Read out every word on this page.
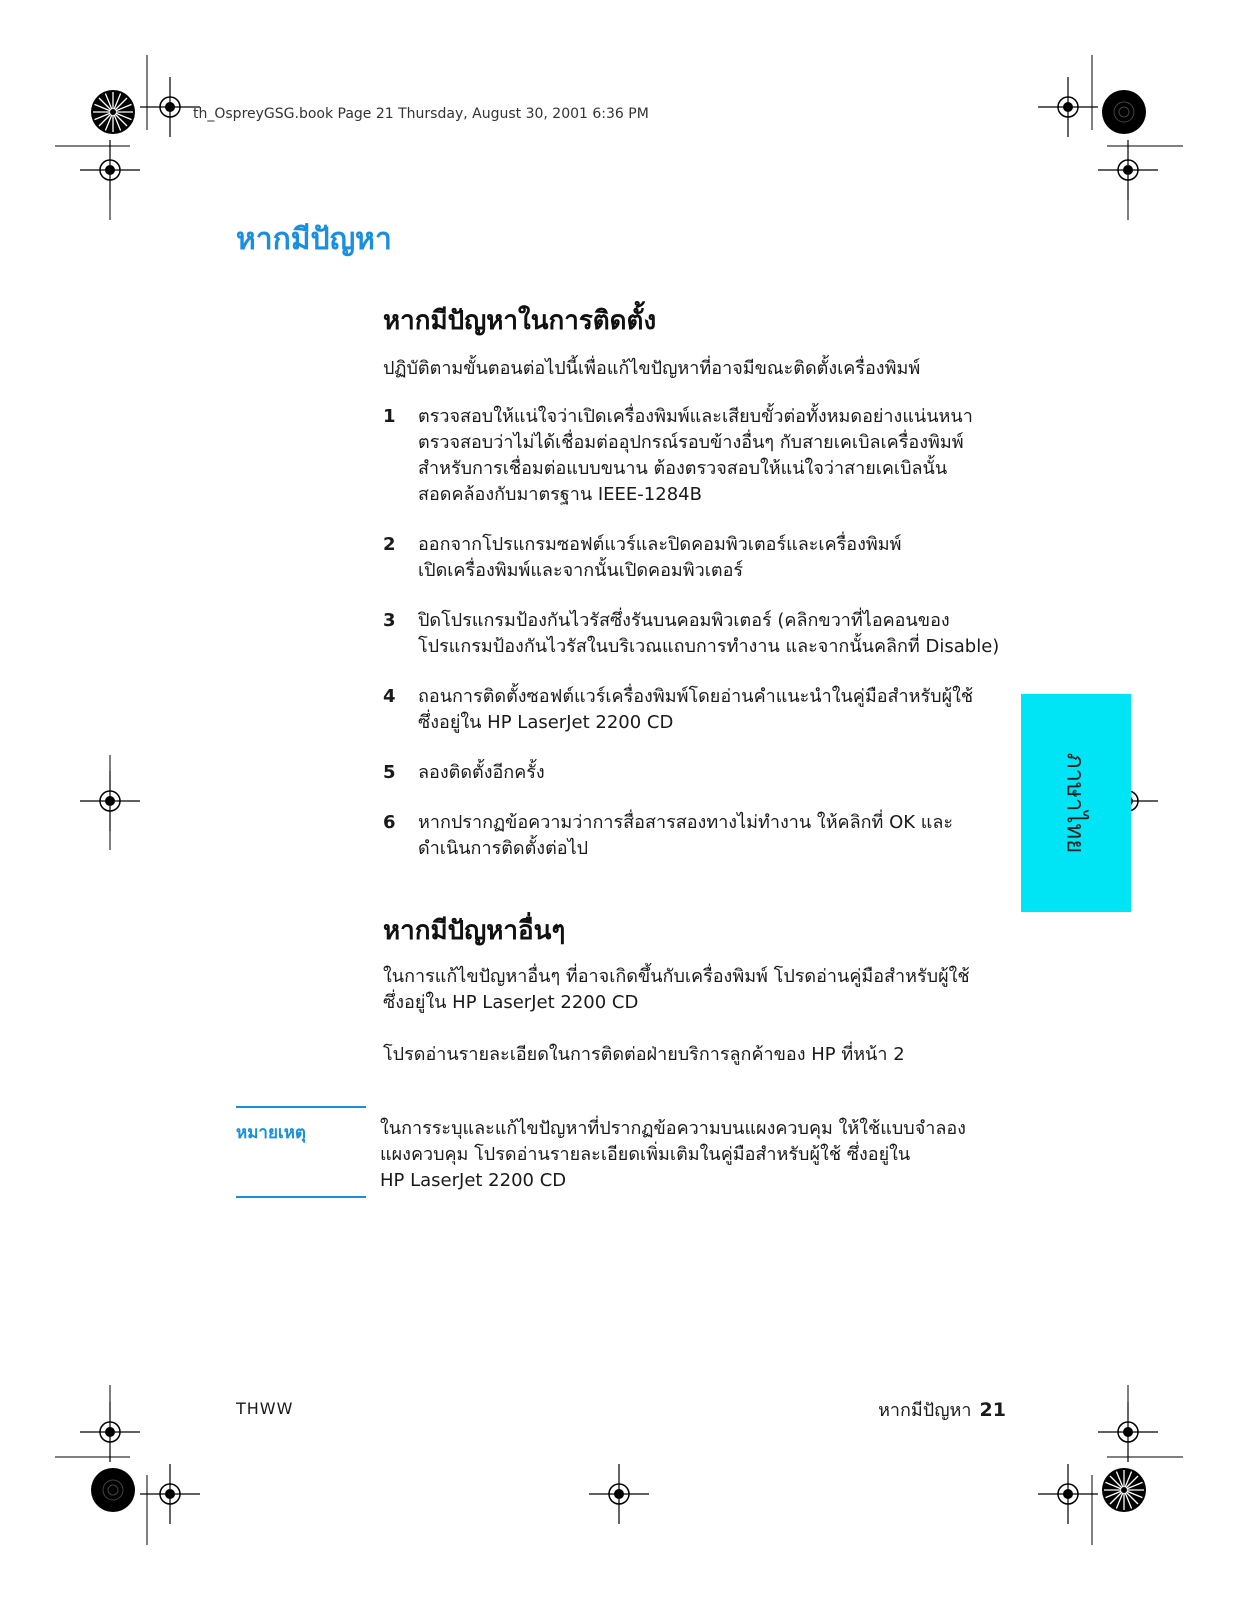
th_OspreyGSG.book Page 21 Thursday, August 30, 2001 6:36 PM
หากมีปัญหา
หากมีปัญหาในการติดตั้ง

ปฏิบัติตามขั้นตอนต่อไปนี้เพื่อแก้ไขปัญหาที่อาจมีขณะติดตั้งเครื่องพิมพ์

1 ตรวจสอบให้แน่ใจว่าเปิดเครื่องพิมพ์และเสียบขั้วต่อทั้งหมดอย่างแน่นหนา
ตรวจสอบว่าไม่ได้เชื่อมต่ออุปกรณ์รอบข้างอื่นๆ กับสายเคเบิลเครื่องพิมพ์
สำหรับการเชื่อมต่อแบบขนาน ต้องตรวจสอบให้แน่ใจว่าสายเคเบิลนั้น
สอดคล้องกับมาตรฐาน IEEE-1284B
2 ออกจากโปรแกรมซอฟต์แวร์และปิดคอมพิวเตอร์และเครื่องพิมพ์
เปิดเครื่องพิมพ์และจากนั้นเปิดคอมพิวเตอร์
3 ปิดโปรแกรมป้องกันไวรัสซึ่งรันบนคอมพิวเตอร์ (คลิกขวาที่ไอคอนของ
โปรแกรมป้องกันไวรัสในบริเวณแถบการทำงาน และจากนั้นคลิกที่ Disable)
4 ถอนการติดตั้งซอฟต์แวร์เครื่องพิมพ์โดยอ่านคำแนะนำในคู่มือสำหรับผู้ใช้
ซึ่งอยู่ใน HP LaserJet 2200 CD
5 ลองติดตั้งอีกครั้ง
6 หากปรากฏข้อความว่าการสื่อสารสองทางไม่ทำงาน ให้คลิกที่ OK และ
ดำเนินการติดตั้งต่อไป
หากมีปัญหาอื่นๆ
ในการแก้ไขปัญหาอื่นๆ ที่อาจเกิดขึ้นกับเครื่องพิมพ์ โปรดอ่านคู่มือสำหรับผู้ใช้
ซึ่งอยู่ใน HP LaserJet 2200 CD

โปรดอ่านรายละเอียดในการติดต่อฝ่ายบริการลูกค้าของ HP ที่หน้า 2

หมายเหตุ	ในการระบุและแก้ไขปัญหาที่ปรากฏข้อความบนแผงควบคุม ให้ใช้แบบจำลอง
แผงควบคุม โปรดอ่านรายละเอียดเพิ่มเติมในคู่มือสำหรับผู้ใช้ ซึ่งอยู่ใน
HP LaserJet 2200 CD
ภาษาไทย
THWW	หากมีปัญหา 21
